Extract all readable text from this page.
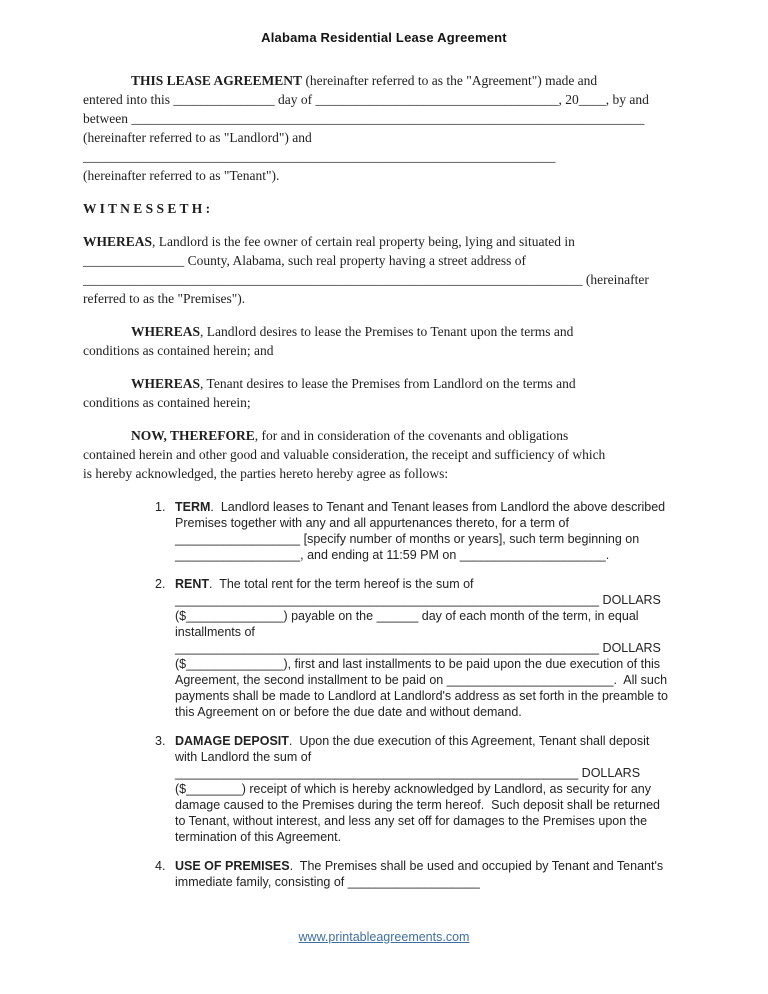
Alabama Residential Lease Agreement
THIS LEASE AGREEMENT (hereinafter referred to as the "Agreement") made and
entered into this _______________ day of ____________________________________, 20____, by and
between ____________________________________________________________________________
(hereinafter referred to as "Landlord") and
______________________________________________________________________
(hereinafter referred to as "Tenant").
W I T N E S S E T H :
WHEREAS, Landlord is the fee owner of certain real property being, lying and situated in
_______________ County, Alabama, such real property having a street address of
__________________________________________________________________________ (hereinafter
referred to as the "Premises").
WHEREAS, Landlord desires to lease the Premises to Tenant upon the terms and
conditions as contained herein; and
WHEREAS, Tenant desires to lease the Premises from Landlord on the terms and
conditions as contained herein;
NOW, THEREFORE, for and in consideration of the covenants and obligations
contained herein and other good and valuable consideration, the receipt and sufficiency of which
is hereby acknowledged, the parties hereto hereby agree as follows:
1. TERM.  Landlord leases to Tenant and Tenant leases from Landlord the above described
Premises together with any and all appurtenances thereto, for a term of
__________________ [specify number of months or years], such term beginning on
__________________, and ending at 11:59 PM on _____________________.
2. RENT.  The total rent for the term hereof is the sum of
_____________________________________________________________ DOLLARS
($______________) payable on the ______ day of each month of the term, in equal
installments of
_____________________________________________________________ DOLLARS
($______________), first and last installments to be paid upon the due execution of this
Agreement, the second installment to be paid on ________________________.  All such
payments shall be made to Landlord at Landlord's address as set forth in the preamble to
this Agreement on or before the due date and without demand.
3. DAMAGE DEPOSIT.  Upon the due execution of this Agreement, Tenant shall deposit
with Landlord the sum of
__________________________________________________________ DOLLARS
($________) receipt of which is hereby acknowledged by Landlord, as security for any
damage caused to the Premises during the term hereof.  Such deposit shall be returned
to Tenant, without interest, and less any set off for damages to the Premises upon the
termination of this Agreement.
4. USE OF PREMISES.  The Premises shall be used and occupied by Tenant and Tenant's
immediate family, consisting of ___________________
www.printableagreements.com
